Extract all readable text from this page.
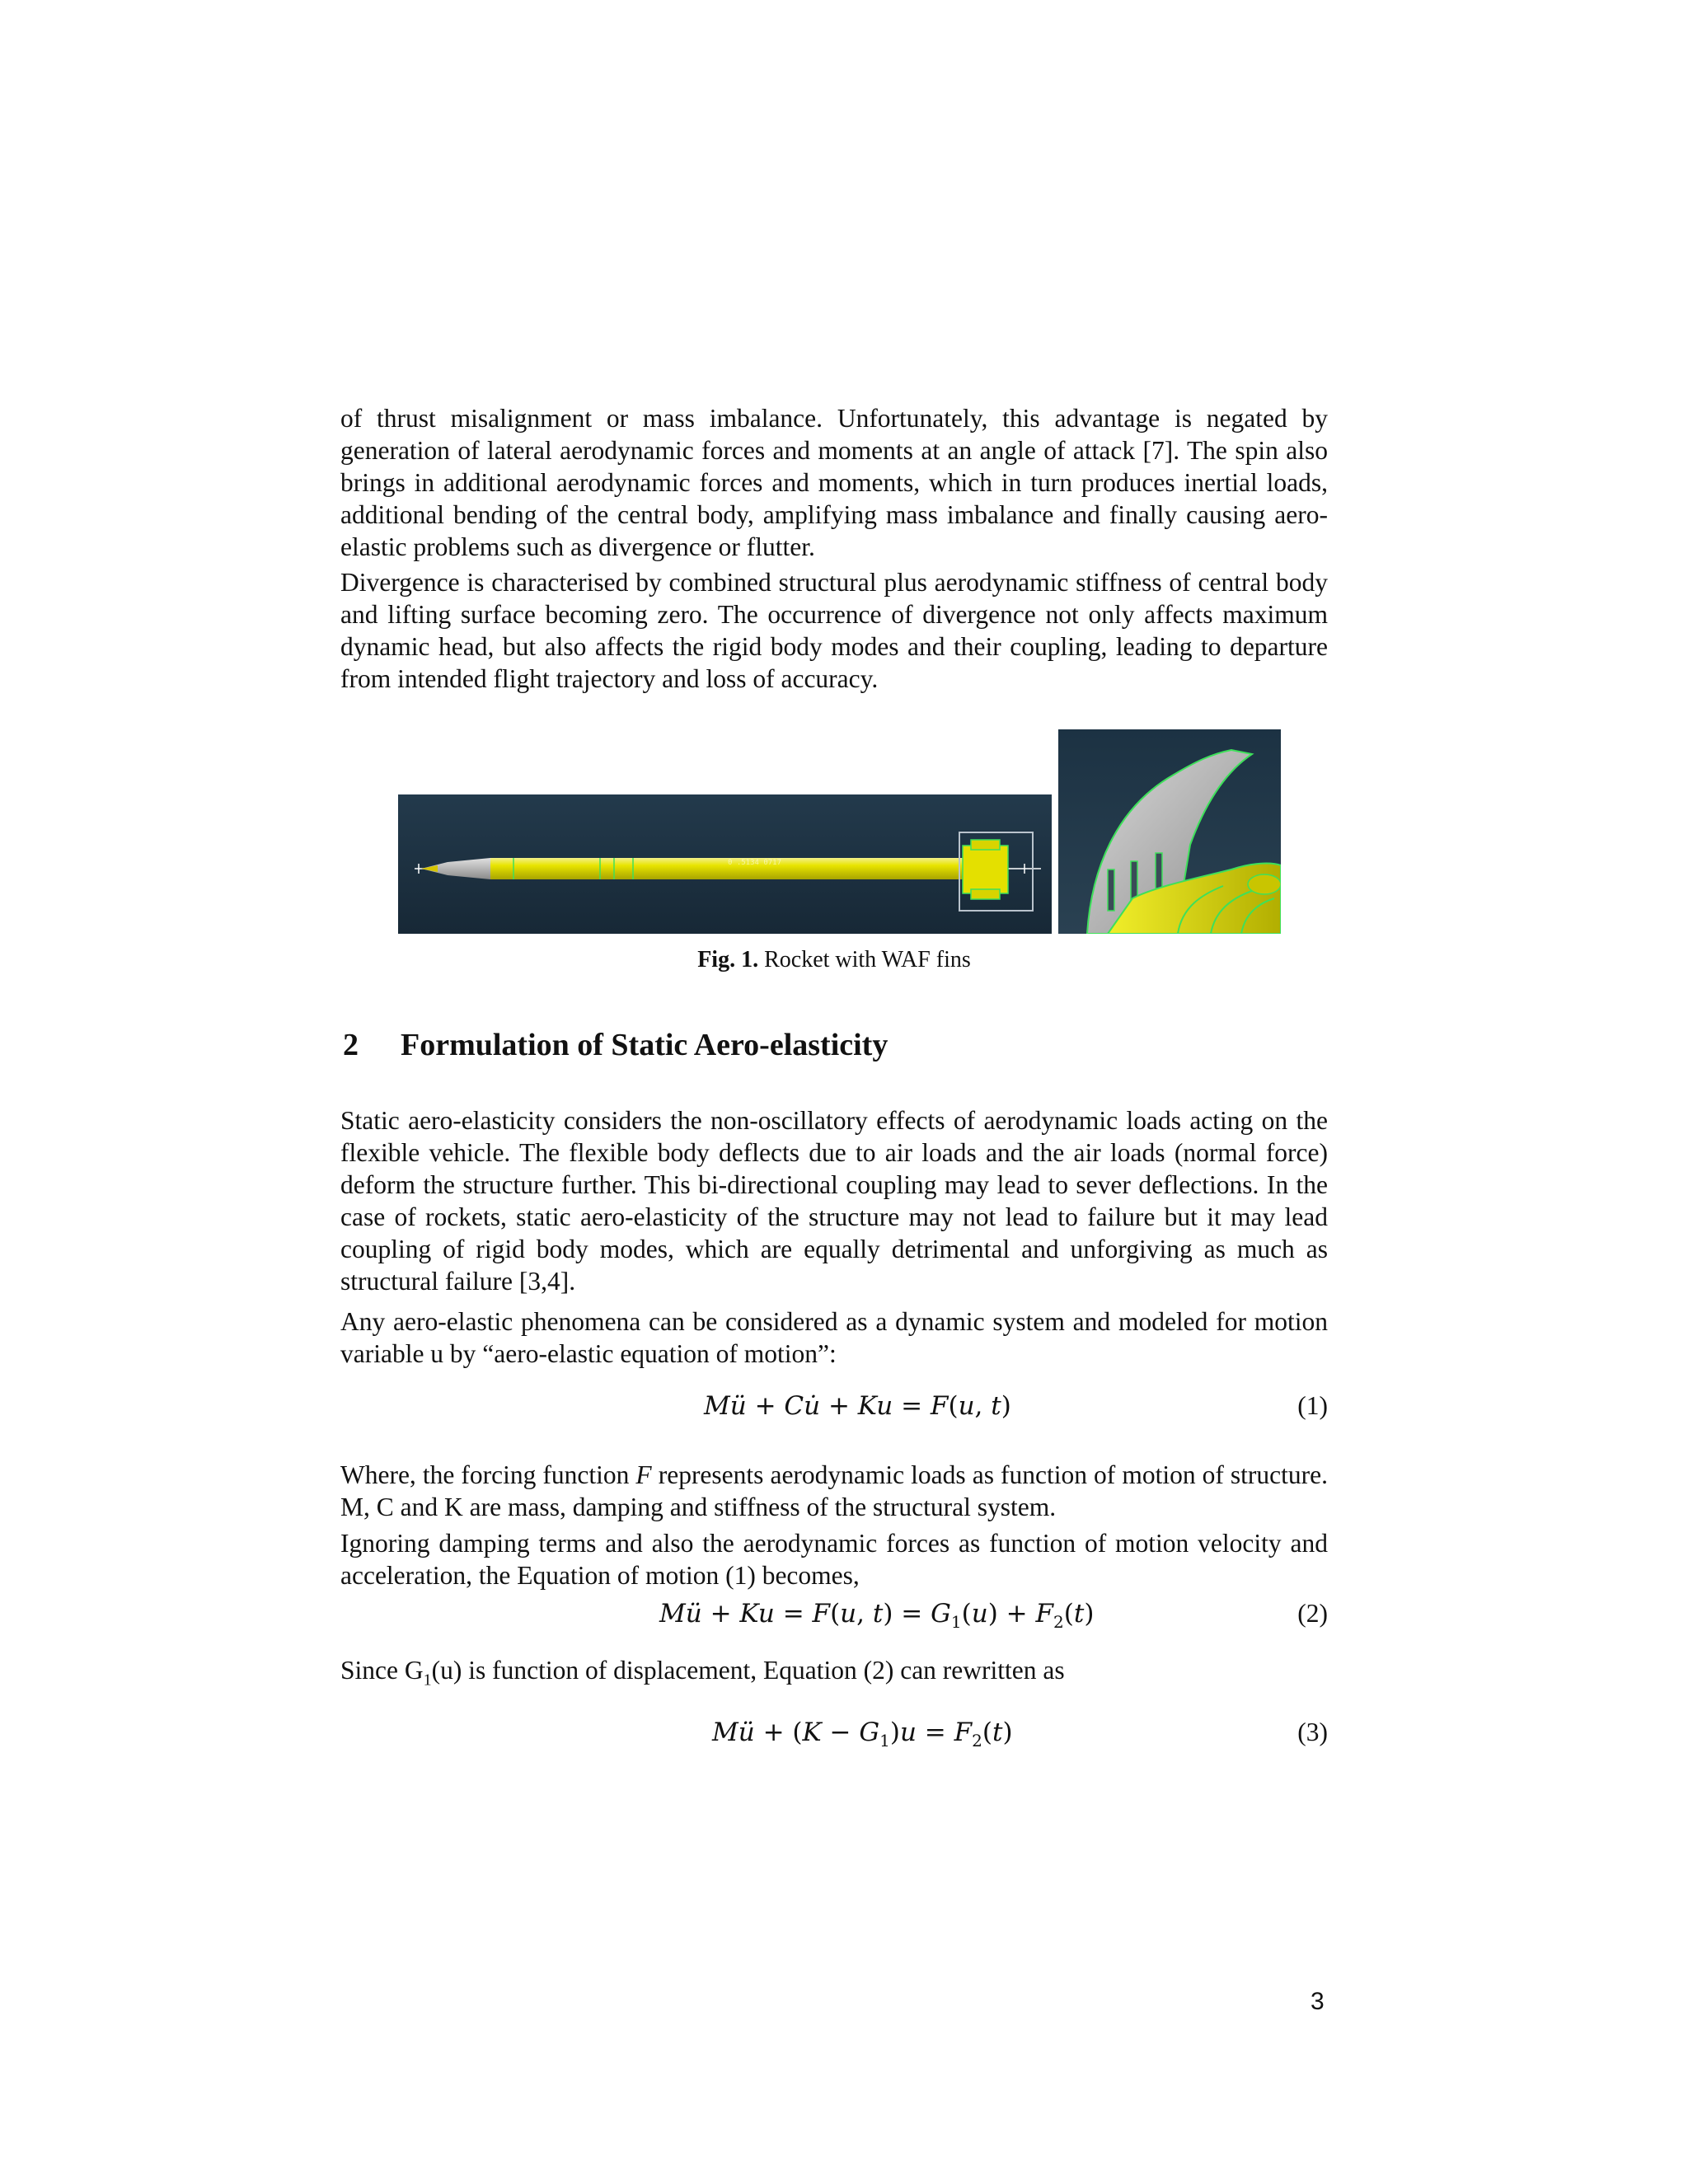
of thrust misalignment or mass imbalance. Unfortunately, this advantage is negated by generation of lateral aerodynamic forces and moments at an angle of attack [7]. The spin also brings in additional aerodynamic forces and moments, which in turn produces inertial loads, additional bending of the central body, amplifying mass imbalance and finally causing aero-elastic problems such as divergence or flutter.

Divergence is characterised by combined structural plus aerodynamic stiffness of central body and lifting surface becoming zero. The occurrence of divergence not only affects maximum dynamic head, but also affects the rigid body modes and their coupling, leading to departure from intended flight trajectory and loss of accuracy.

0 .5134 0717
Fig. 1. Rocket with WAF fins
2 Formulation of Static Aero-elasticity

Static aero-elasticity considers the non-oscillatory effects of aerodynamic loads acting on the flexible vehicle. The flexible body deflects due to air loads and the air loads (normal force) deform the structure further. This bi-directional coupling may lead to sever deflections. In the case of rockets, static aero-elasticity of the structure may not lead to failure but it may lead coupling of rigid body modes, which are equally detrimental and unforgiving as much as structural failure [3,4].

Any aero-elastic phenomena can be considered as a dynamic system and modeled for motion variable u by “aero-elastic equation of motion”:

Mü + Cu̇ + Ku = F(u, t)	(1)

Where, the forcing function F represents aerodynamic loads as function of motion of structure. M, C and K are mass, damping and stiffness of the structural system.

Ignoring damping terms and also the aerodynamic forces as function of motion velocity and acceleration, the Equation of motion (1) becomes,

Mü + Ku = F(u, $t) = G_1(u) + F_2(t)$	(2)

Since $G_1(u)$ is function of displacement, Equation (2) can rewritten as

Mü + $(K - G_1)u = F_2(t)$	(3)
3
